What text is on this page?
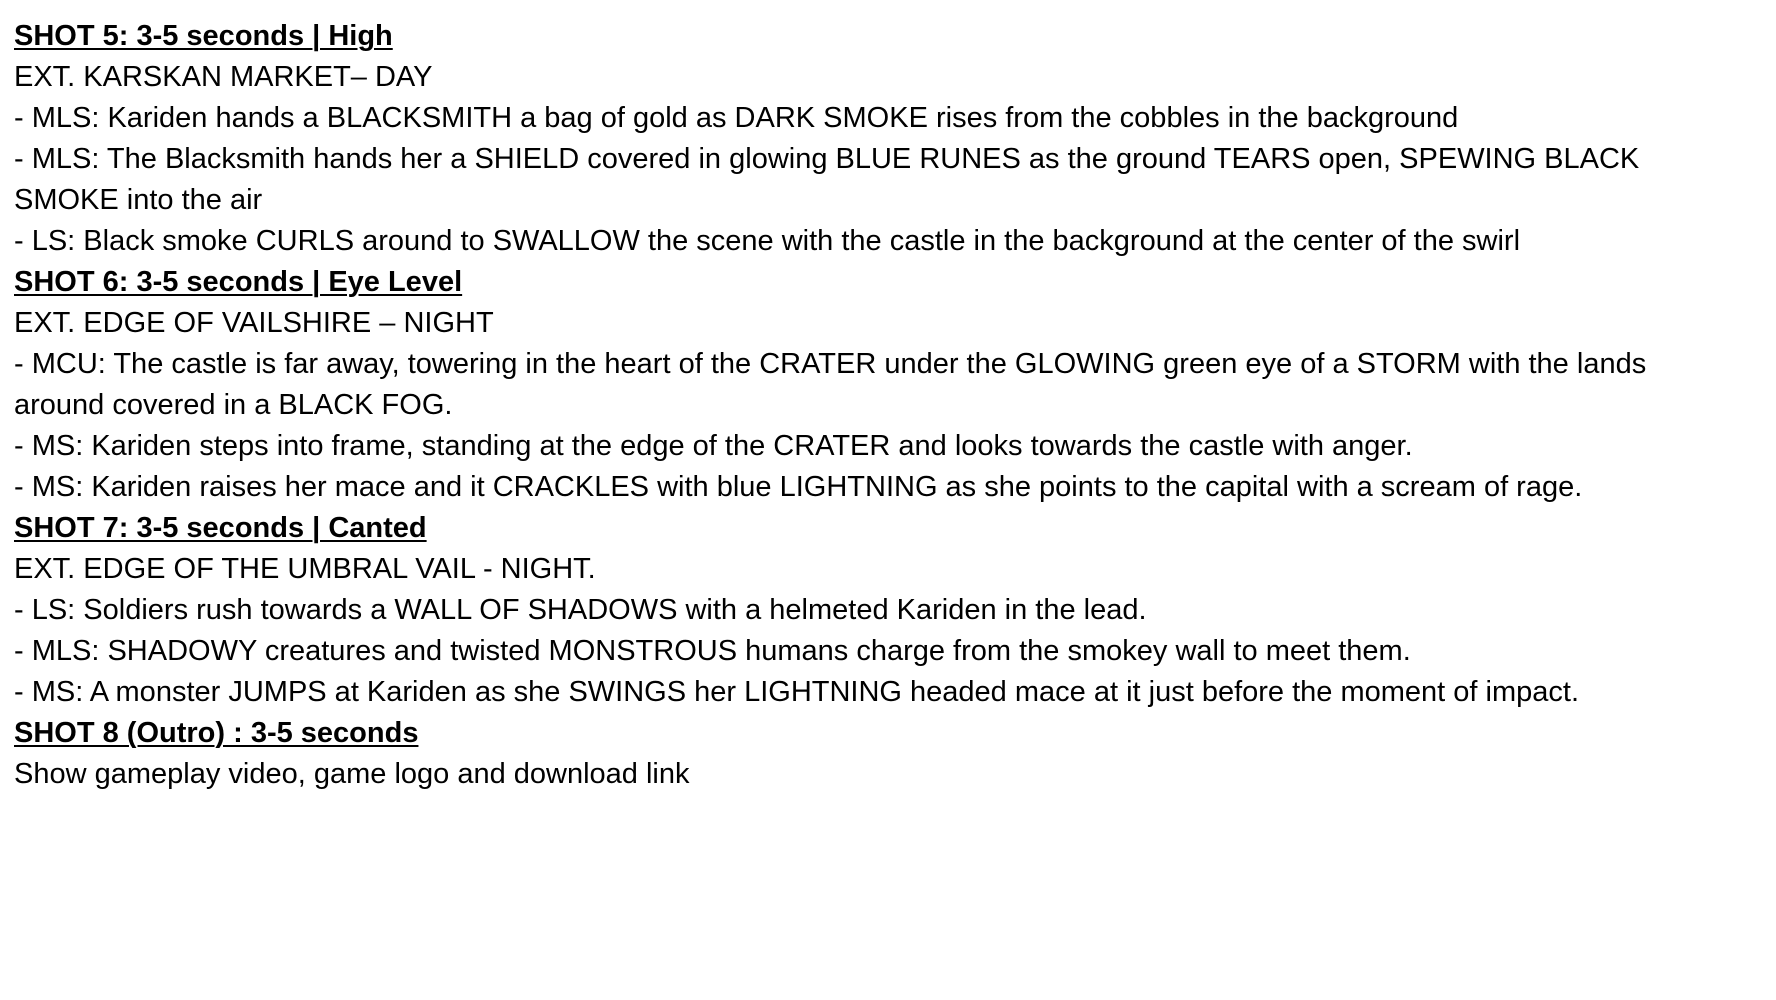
SHOT 5: 3-5 seconds | High
EXT. KARSKAN MARKET– DAY
- MLS: Kariden hands a BLACKSMITH a bag of gold as DARK SMOKE rises from the cobbles in the background
- MLS: The Blacksmith hands her a SHIELD covered in glowing BLUE RUNES as the ground TEARS open, SPEWING BLACK SMOKE into the air
- LS: Black smoke CURLS around to SWALLOW the scene with the castle in the background at the center of the swirl
SHOT 6: 3-5 seconds | Eye Level
EXT. EDGE OF VAILSHIRE – NIGHT
- MCU: The castle is far away, towering in the heart of the CRATER under the GLOWING green eye of a STORM with the lands around covered in a BLACK FOG.
- MS: Kariden steps into frame, standing at the edge of the CRATER and looks towards the castle with anger.
- MS: Kariden raises her mace and it CRACKLES with blue LIGHTNING as she points to the capital with a scream of rage.
SHOT 7: 3-5 seconds | Canted
EXT. EDGE OF THE UMBRAL VAIL - NIGHT.
- LS: Soldiers rush towards a WALL OF SHADOWS with a helmeted Kariden in the lead.
- MLS: SHADOWY creatures and twisted MONSTROUS humans charge from the smokey wall to meet them.
- MS: A monster JUMPS at Kariden as she SWINGS her LIGHTNING headed mace at it just before the moment of impact.
SHOT 8 (Outro) : 3-5 seconds
Show gameplay video, game logo and download link
